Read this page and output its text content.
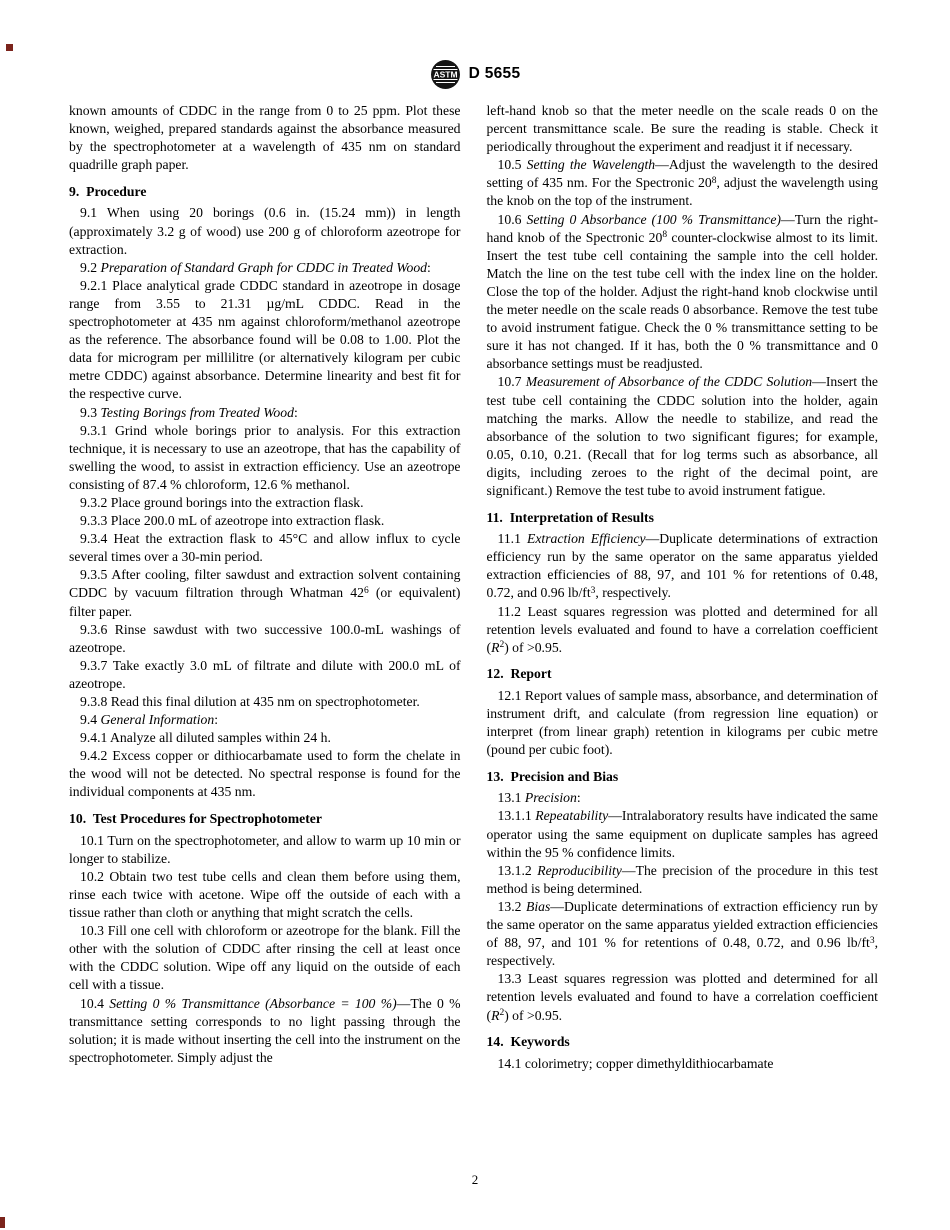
ASTM D 5655

known amounts of CDDC in the range from 0 to 25 ppm. Plot these known, weighed, prepared standards against the absorbance measured by the spectrophotometer at a wavelength of 435 nm on standard quadrille graph paper.

9.  Procedure

9.1 When using 20 borings (0.6 in. (15.24 mm)) in length (approximately 3.2 g of wood) use 200 g of chloroform azeotrope for extraction.

9.2 Preparation of Standard Graph for CDDC in Treated Wood:

9.2.1 Place analytical grade CDDC standard in azeotrope in dosage range from 3.55 to 21.31 µg/mL CDDC. Read in the spectrophotometer at 435 nm against chloroform/methanol azeotrope as the reference. The absorbance found will be 0.08 to 1.00. Plot the data for microgram per millilitre (or alternatively kilogram per cubic metre CDDC) against absorbance. Determine linearity and best fit for the respective curve.

9.3 Testing Borings from Treated Wood:

9.3.1 Grind whole borings prior to analysis. For this extraction technique, it is necessary to use an azeotrope, that has the capability of swelling the wood, to assist in extraction efficiency. Use an azeotrope consisting of 87.4 % chloroform, 12.6 % methanol.

9.3.2 Place ground borings into the extraction flask.

9.3.3 Place 200.0 mL of azeotrope into extraction flask.

9.3.4 Heat the extraction flask to 45°C and allow influx to cycle several times over a 30-min period.

9.3.5 After cooling, filter sawdust and extraction solvent containing CDDC by vacuum filtration through Whatman $42^6$ (or equivalent) filter paper.

9.3.6 Rinse sawdust with two successive 100.0-mL washings of azeotrope.

9.3.7 Take exactly 3.0 mL of filtrate and dilute with 200.0 mL of azeotrope.

9.3.8 Read this final dilution at 435 nm on spectrophotometer.

9.4 General Information:

9.4.1 Analyze all diluted samples within 24 h.

9.4.2 Excess copper or dithiocarbamate used to form the chelate in the wood will not be detected. No spectral response is found for the individual components at 435 nm.

10.  Test Procedures for Spectrophotometer

10.1 Turn on the spectrophotometer, and allow to warm up 10 min or longer to stabilize.

10.2 Obtain two test tube cells and clean them before using them, rinse each twice with acetone. Wipe off the outside of each with a tissue rather than cloth or anything that might scratch the cells.

10.3 Fill one cell with chloroform or azeotrope for the blank. Fill the other with the solution of CDDC after rinsing the cell at least once with the CDDC solution. Wipe off any liquid on the outside of each cell with a tissue.

10.4 Setting 0 % Transmittance (Absorbance = 100 %)—The 0 % transmittance setting corresponds to no light passing through the solution; it is made without inserting the cell into the instrument on the spectrophotometer. Simply adjust the

left-hand knob so that the meter needle on the scale reads 0 on the percent transmittance scale. Be sure the reading is stable. Check it periodically throughout the experiment and readjust it if necessary.

10.5 Setting the Wavelength—Adjust the wavelength to the desired setting of 435 nm. For the Spectronic $20^8$, adjust the wavelength using the knob on the top of the instrument.

10.6 Setting 0 Absorbance (100 % Transmittance)—Turn the right-hand knob of the Spectronic $20^8$ counter-clockwise almost to its limit. Insert the test tube cell containing the sample into the cell holder. Match the line on the test tube cell with the index line on the holder. Close the top of the holder. Adjust the right-hand knob clockwise until the meter needle on the scale reads 0 absorbance. Remove the test tube to avoid instrument fatigue. Check the 0 % transmittance setting to be sure it has not changed. If it has, both the 0 % transmittance and 0 absorbance settings must be readjusted.

10.7 Measurement of Absorbance of the CDDC Solution—Insert the test tube cell containing the CDDC solution into the holder, again matching the marks. Allow the needle to stabilize, and read the absorbance of the solution to two significant figures; for example, 0.05, 0.10, 0.21. (Recall that for log terms such as absorbance, all digits, including zeroes to the right of the decimal point, are significant.) Remove the test tube to avoid instrument fatigue.

11.  Interpretation of Results

11.1 Extraction Efficiency—Duplicate determinations of extraction efficiency run by the same operator on the same apparatus yielded extraction efficiencies of 88, 97, and 101 % for retentions of 0.48, 0.72, and 0.96 $lb/ft^3$, respectively.

11.2 Least squares regression was plotted and determined for all retention levels evaluated and found to have a correlation coefficient $(R^2)$ of >0.95.

12.  Report

12.1 Report values of sample mass, absorbance, and determination of instrument drift, and calculate (from regression line equation) or interpret (from linear graph) retention in kilograms per cubic metre (pound per cubic foot).

13.  Precision and Bias

13.1 Precision:

13.1.1 Repeatability—Intralaboratory results have indicated the same operator using the same equipment on duplicate samples has agreed within the 95 % confidence limits.

13.1.2 Reproducibility—The precision of the procedure in this test method is being determined.

13.2 Bias—Duplicate determinations of extraction efficiency run by the same operator on the same apparatus yielded extraction efficiencies of 88, 97, and 101 % for retentions of 0.48, 0.72, and 0.96 $lb/ft^3$, respectively.

13.3 Least squares regression was plotted and determined for all retention levels evaluated and found to have a correlation coefficient $(R^2)$ of >0.95.

14.  Keywords

14.1 colorimetry; copper dimethyldithiocarbamate

2
